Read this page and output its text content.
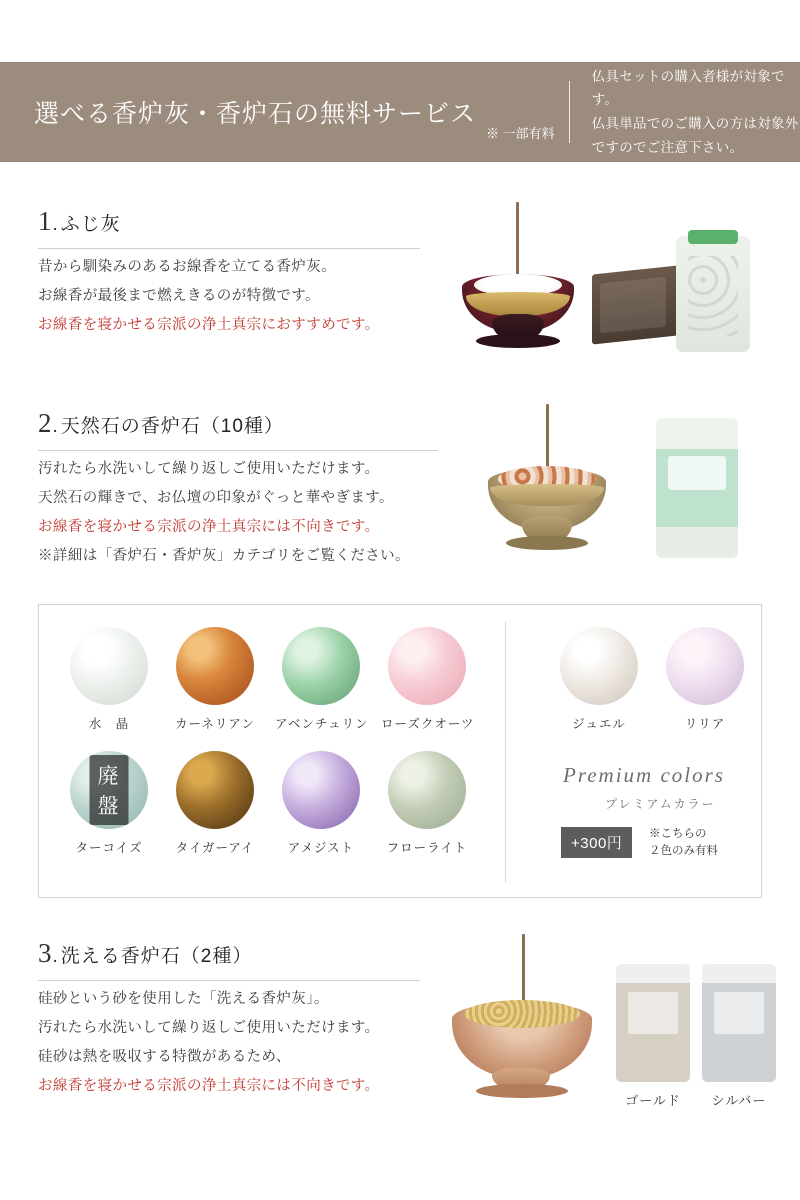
選べる香炉灰・香炉石の無料サービス
※ 一部有料
仏具セットの購入者様が対象です。
仏具単品でのご購入の方は対象外
ですのでご注意下さい。
1 . ふじ灰
昔から馴染みのあるお線香を立てる香炉灰。
お線香が最後まで燃えきるのが特徴です。
お線香を寝かせる宗派の浄土真宗におすすめです。
2 . 天然石の香炉石（10種）
汚れたら水洗いして繰り返しご使用いただけます。
天然石の輝きで、お仏壇の印象がぐっと華やぎます。
お線香を寝かせる宗派の浄土真宗には不向きです。
※詳細は「香炉石・香炉灰」カテゴリをご覧ください。
水　晶	カーネリアン	アベンチュリン ローズクオーツ
廃盤
ターコイズ	タイガーアイ	アメジスト	フローライト
ジュエル	リリア
Premium colors
プレミアムカラー
+300円
※こちらの
２色のみ有料
3 . 洗える香炉石（2種）
硅砂という砂を使用した「洗える香炉灰」。
汚れたら水洗いして繰り返しご使用いただけます。
硅砂は熱を吸収する特徴があるため、
お線香を寝かせる宗派の浄土真宗には不向きです。
ゴールド	シルバー
